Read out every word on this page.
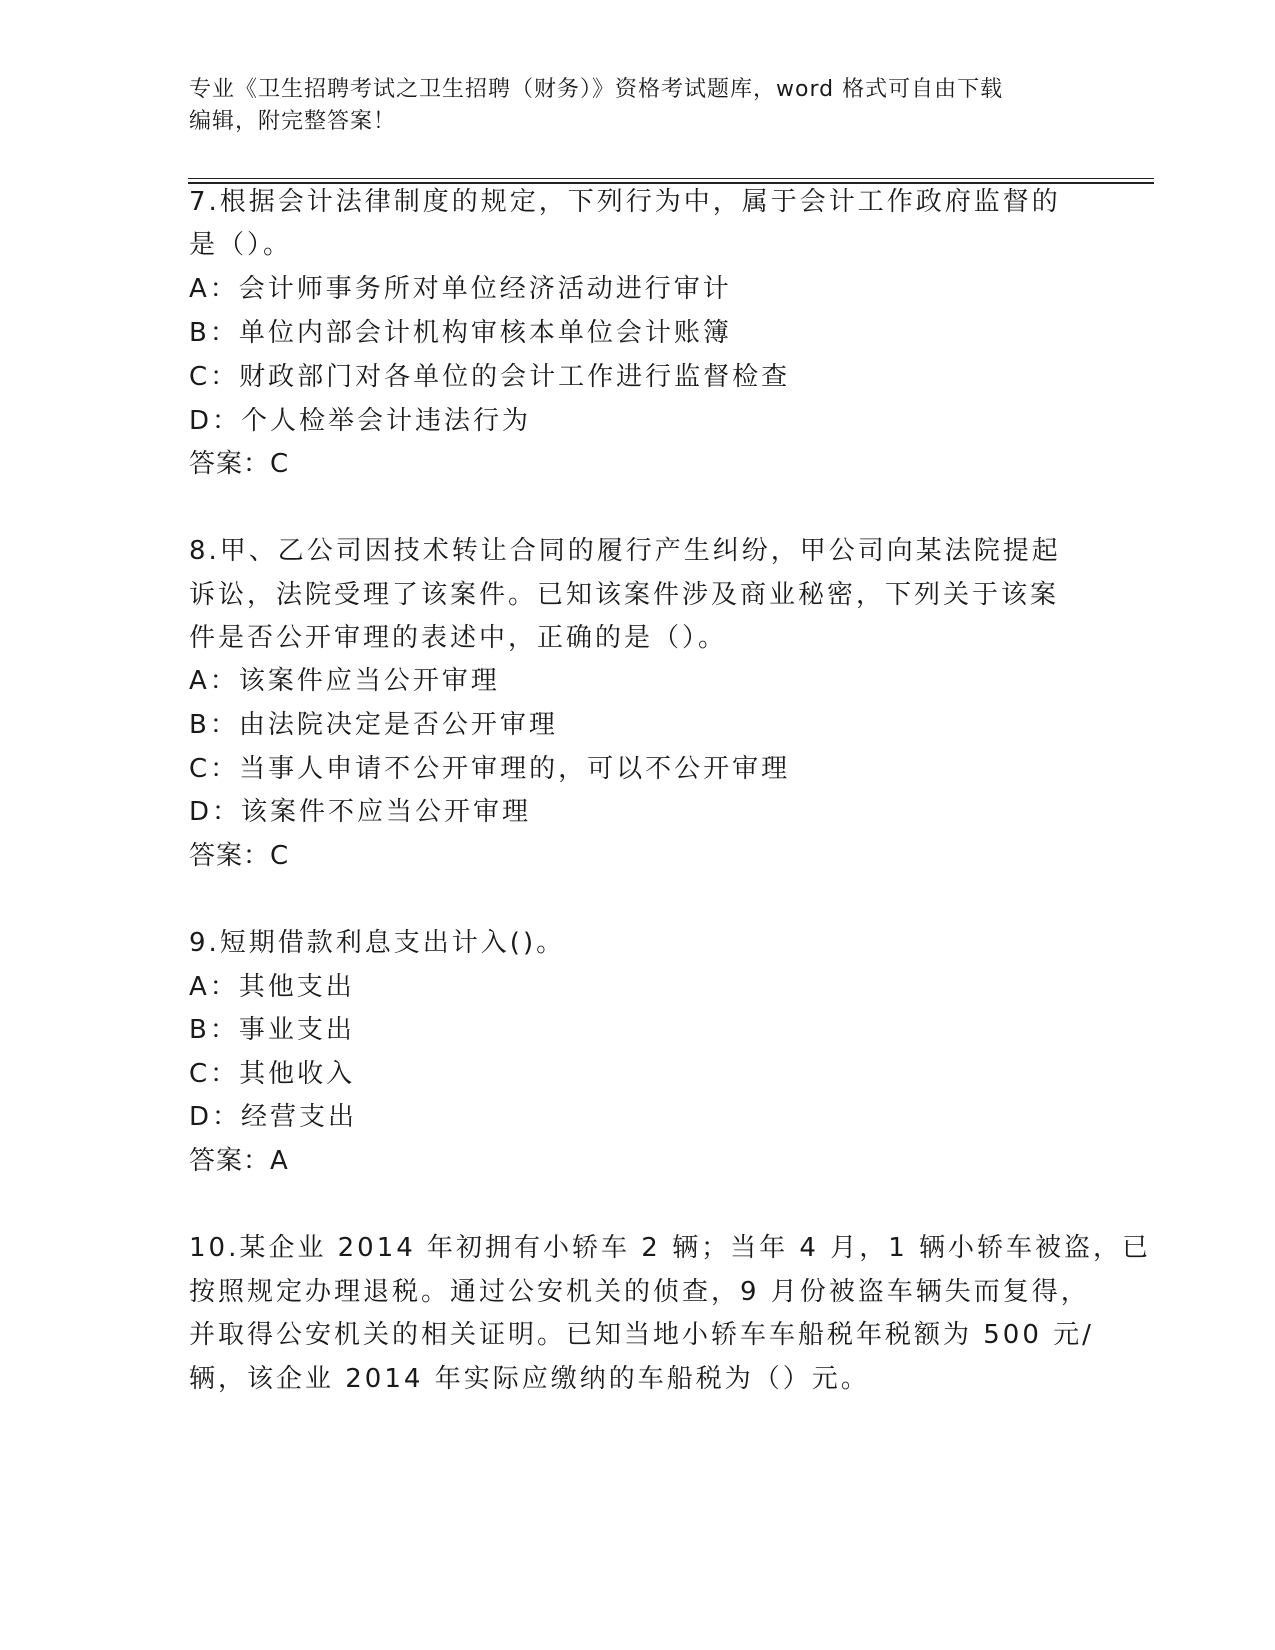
专业《卫生招聘考试之卫生招聘（财务）》资格考试题库，word 格式可自由下载
编辑，附完整答案！
7.根据会计法律制度的规定，下列行为中，属于会计工作政府监督的
是（）。
A：会计师事务所对单位经济活动进行审计
B：单位内部会计机构审核本单位会计账簿
C：财政部门对各单位的会计工作进行监督检查
D：个人检举会计违法行为
答案：C
8.甲、乙公司因技术转让合同的履行产生纠纷，甲公司向某法院提起
诉讼，法院受理了该案件。已知该案件涉及商业秘密，下列关于该案
件是否公开审理的表述中，正确的是（）。
A：该案件应当公开审理
B：由法院决定是否公开审理
C：当事人申请不公开审理的，可以不公开审理
D：该案件不应当公开审理
答案：C
9.短期借款利息支出计入()。
A：其他支出
B：事业支出
C：其他收入
D：经营支出
答案：A
10.某企业 2014 年初拥有小轿车 2 辆；当年 4 月，1 辆小轿车被盗，已
按照规定办理退税。通过公安机关的侦查，9 月份被盗车辆失而复得，
并取得公安机关的相关证明。已知当地小轿车车船税年税额为 500 元/
辆，该企业 2014 年实际应缴纳的车船税为（）元。
